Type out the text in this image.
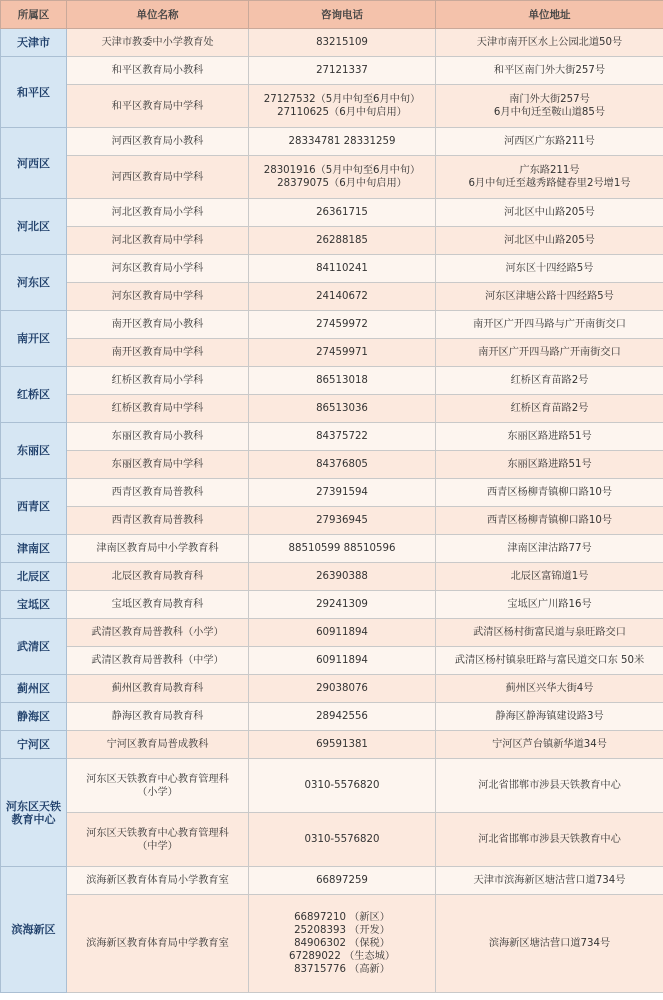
所属区	单位名称	咨询电话	单位地址
天津市	天津市教委中小学教育处	83215109	天津市南开区水上公园北道50号

和平区	和平区教育局小教科	27121337	和平区南门外大街257号

	和平区教育局中学科	27127532（5月中旬至6月中旬）
27110625（6月中旬启用）	南门外大街257号
6月中旬迁至鞍山道85号

河西区	河西区教育局小教科	28334781 28331259	河西区广东路211号

	河西区教育局中学科	28301916（5月中旬至6月中旬）
28379075（6月中旬启用）	广东路211号
6月中旬迁至越秀路健春里2号增1号

河北区	河北区教育局小学科	26361715	河北区中山路205号

	河北区教育局中学科	26288185	河北区中山路205号

河东区	河东区教育局小学科	84110241	河东区十四经路5号

	河东区教育局中学科	24140672	河东区津塘公路十四经路5号

南开区	南开区教育局小教科	27459972	南开区广开四马路与广开南街交口

	南开区教育局中学科	27459971	南开区广开四马路广开南街交口

红桥区	红桥区教育局小学科	86513018	红桥区育苗路2号

	红桥区教育局中学科	86513036	红桥区育苗路2号

东丽区	东丽区教育局小教科	84375722	东丽区路进路51号

	东丽区教育局中学科	84376805	东丽区路进路51号

西青区	西青区教育局普教科	27391594	西青区杨柳青镇柳口路10号

	西青区教育局普教科	27936945	西青区杨柳青镇柳口路10号

津南区	津南区教育局中小学教育科	88510599 88510596	津南区津沽路77号

北辰区	北辰区教育局教育科	26390388	北辰区富锦道1号

宝坻区	宝坻区教育局教育科	29241309	宝坻区广川路16号

武清区	武清区教育局普教科（小学）	60911894	武清区杨村街富民道与泉旺路交口

	武清区教育局普教科（中学）	60911894	武清区杨村镇泉旺路与富民道交口东 50米

蓟州区	蓟州区教育局教育科	29038076	蓟州区兴华大街4号

静海区	静海区教育局教育科	28942556	静海区静海镇建设路3号

宁河区	宁河区教育局普成教科	69591381	宁河区芦台镇新华道34号

河东区天铁教育中心	河东区天铁教育中心教育管理科
（小学）	0310-5576820	河北省邯郸市涉县天铁教育中心

	河东区天铁教育中心教育管理科
（中学）	0310-5576820	河北省邯郸市涉县天铁教育中心

滨海新区	滨海新区教育体育局小学教育室	66897259	天津市滨海新区塘沽营口道734号

	滨海新区教育体育局中学教育室	66897210 （新区）
25208393 （开发）
84906302 （保税）
67289022 （生态城）
83715776 （高新）	滨海新区塘沽营口道734号
